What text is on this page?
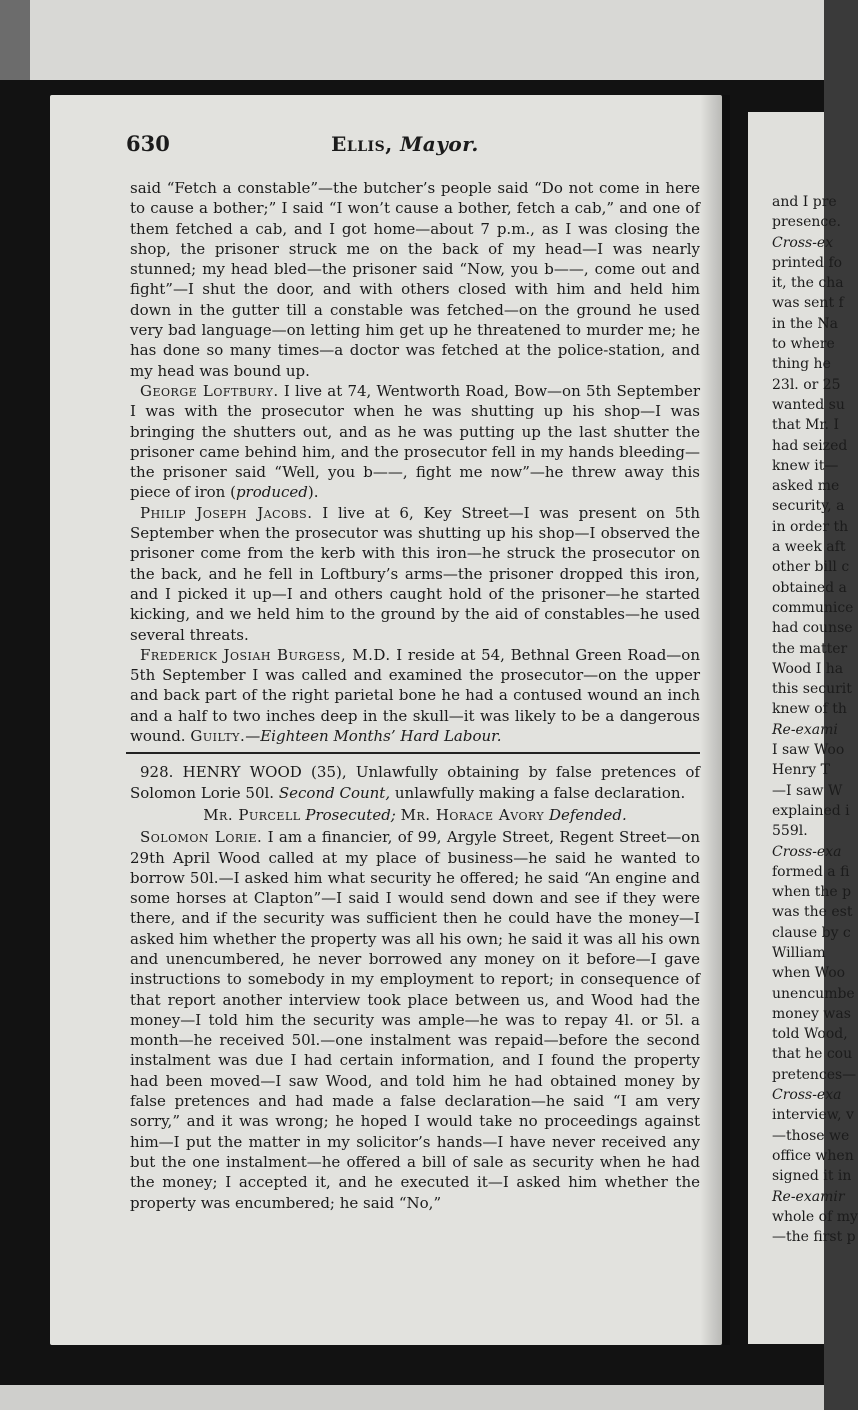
and I pre
presence.
Cross-ex
printed fo
it, the cha
was sent f
in the Na
to where
thing he
23l. or 25
wanted su
that Mr. I
had seized
knew it—
asked me
security, a
in order th
a week aft
other bill c
obtained a
communice
had counse
the matter
Wood I ha
this securit
knew of th
Re-exami
I saw Woo
Henry T
—I saw W
explained i
559l.
Cross-exa
formed a fi
when the p
was the est
clause by c
William
when Woo
unencumbe
money was
told Wood,
that he cou
pretences—
Cross-exa
interview, v
—those we
office when
signed it in
Re-examir
whole of my
—the first p
630	Ellis, Mayor.

said “Fetch a constable”—the butcher’s people said “Do not come in here to cause a bother;” I said “I won’t cause a bother, fetch a cab,” and one of them fetched a cab, and I got home—about 7 p.m., as I was closing the shop, the prisoner struck me on the back of my head—I was nearly stunned; my head bled—the prisoner said “Now, you b——, come out and fight”—I shut the door, and with others closed with him and held him down in the gutter till a constable was fetched—on the ground he used very bad language—on letting him get up he threatened to murder me; he has done so many times—a doctor was fetched at the police-station, and my head was bound up.

George Loftbury. I live at 74, Wentworth Road, Bow—on 5th September I was with the prosecutor when he was shutting up his shop—I was bringing the shutters out, and as he was putting up the last shutter the prisoner came behind him, and the prosecutor fell in my hands bleeding—the prisoner said “Well, you b——, fight me now”—he threw away this piece of iron (produced).

Philip Joseph Jacobs. I live at 6, Key Street—I was present on 5th September when the prosecutor was shutting up his shop—I observed the prisoner come from the kerb with this iron—he struck the prosecutor on the back, and he fell in Loftbury’s arms—the prisoner dropped this iron, and I picked it up—I and others caught hold of the prisoner—he started kicking, and we held him to the ground by the aid of constables—he used several threats.

Frederick Josiah Burgess, M.D. I reside at 54, Bethnal Green Road—on 5th September I was called and examined the prosecutor—on the upper and back part of the right parietal bone he had a contused wound an inch and a half to two inches deep in the skull—it was likely to be a dangerous wound. Guilty.—Eighteen Months’ Hard Labour.

928. HENRY WOOD (35), Unlawfully obtaining by false pretences of Solomon Lorie 50l. Second Count, unlawfully making a false declaration.

Mr. Purcell Prosecuted; Mr. Horace Avory Defended.

Solomon Lorie. I am a financier, of 99, Argyle Street, Regent Street—on 29th April Wood called at my place of business—he said he wanted to borrow 50l.—I asked him what security he offered; he said “An engine and some horses at Clapton”—I said I would send down and see if they were there, and if the security was sufficient then he could have the money—I asked him whether the property was all his own; he said it was all his own and unencumbered, he never borrowed any money on it before—I gave instructions to somebody in my employment to report; in consequence of that report another interview took place between us, and Wood had the money—I told him the security was ample—he was to repay 4l. or 5l. a month—he received 50l.—one instalment was repaid—before the second instalment was due I had certain information, and I found the property had been moved—I saw Wood, and told him he had obtained money by false pretences and had made a false declaration—he said “I am very sorry,” and it was wrong; he hoped I would take no proceedings against him—I put the matter in my solicitor’s hands—I have never received any but the one instalment—he offered a bill of sale as security when he had the money; I accepted it, and he executed it—I asked him whether the property was encumbered; he said “No,”
